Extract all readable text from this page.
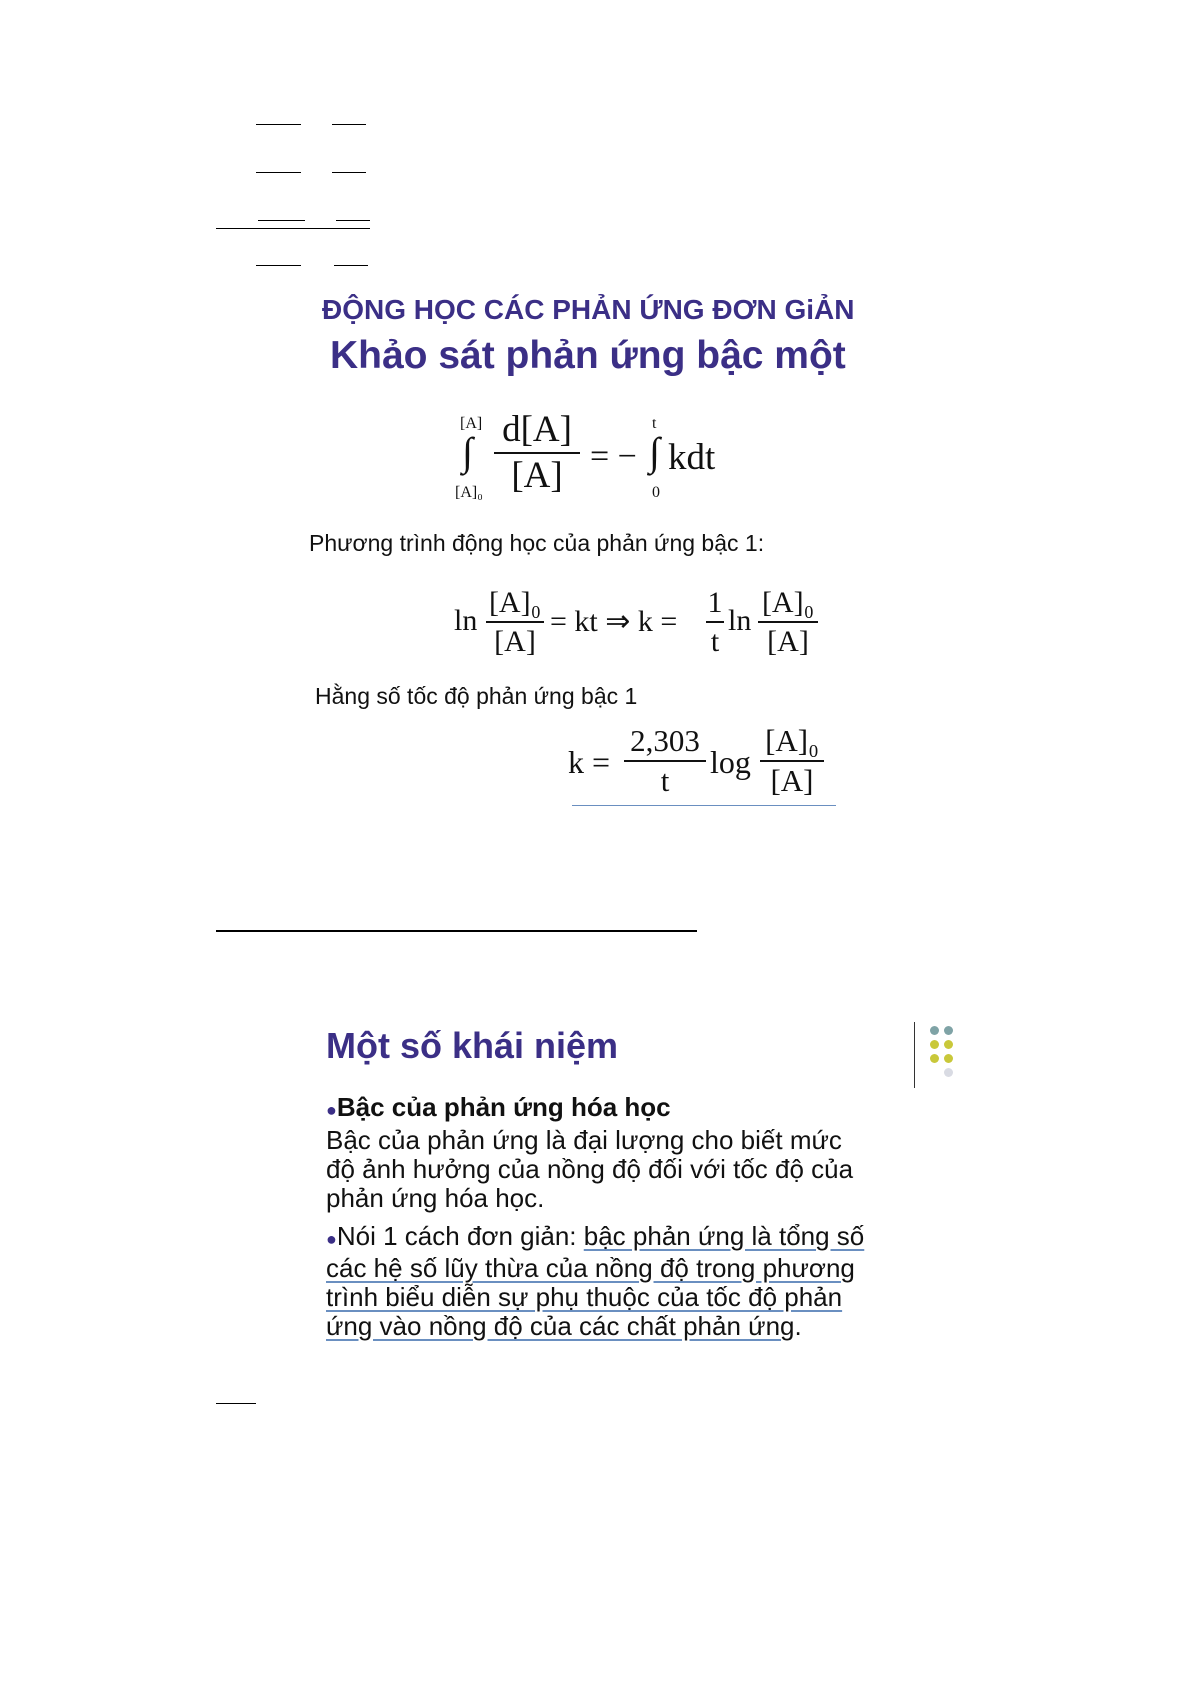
ĐỘNG HỌC CÁC PHẢN ỨNG ĐƠN GiẢN
Khảo sát phản ứng bậc một
[A]
∫
[A]₀
d[A]
[A] = −
t
∫
0
kdt
Phương trình động học của phản ứng bậc 1:
ln
[A]₀
[A]
= kt ⇒ k =
1
t
ln
[A]₀
[A]
Hằng số tốc độ phản ứng bậc 1
k =
2,303
t
log
[A]₀
[A]
Một số khái niệm
●Bậc của phản ứng hóa học
Bậc của phản ứng là đại lượng cho biết mức
độ ảnh hưởng của nồng độ đối với tốc độ của
phản ứng hóa học.
●Nói 1 cách đơn giản: bậc phản ứng là tổng số
các hệ số lũy thừa của nồng độ trong phương
trình biểu diễn sự phụ thuộc của tốc độ phản
ứng vào nồng độ của các chất phản ứng.
